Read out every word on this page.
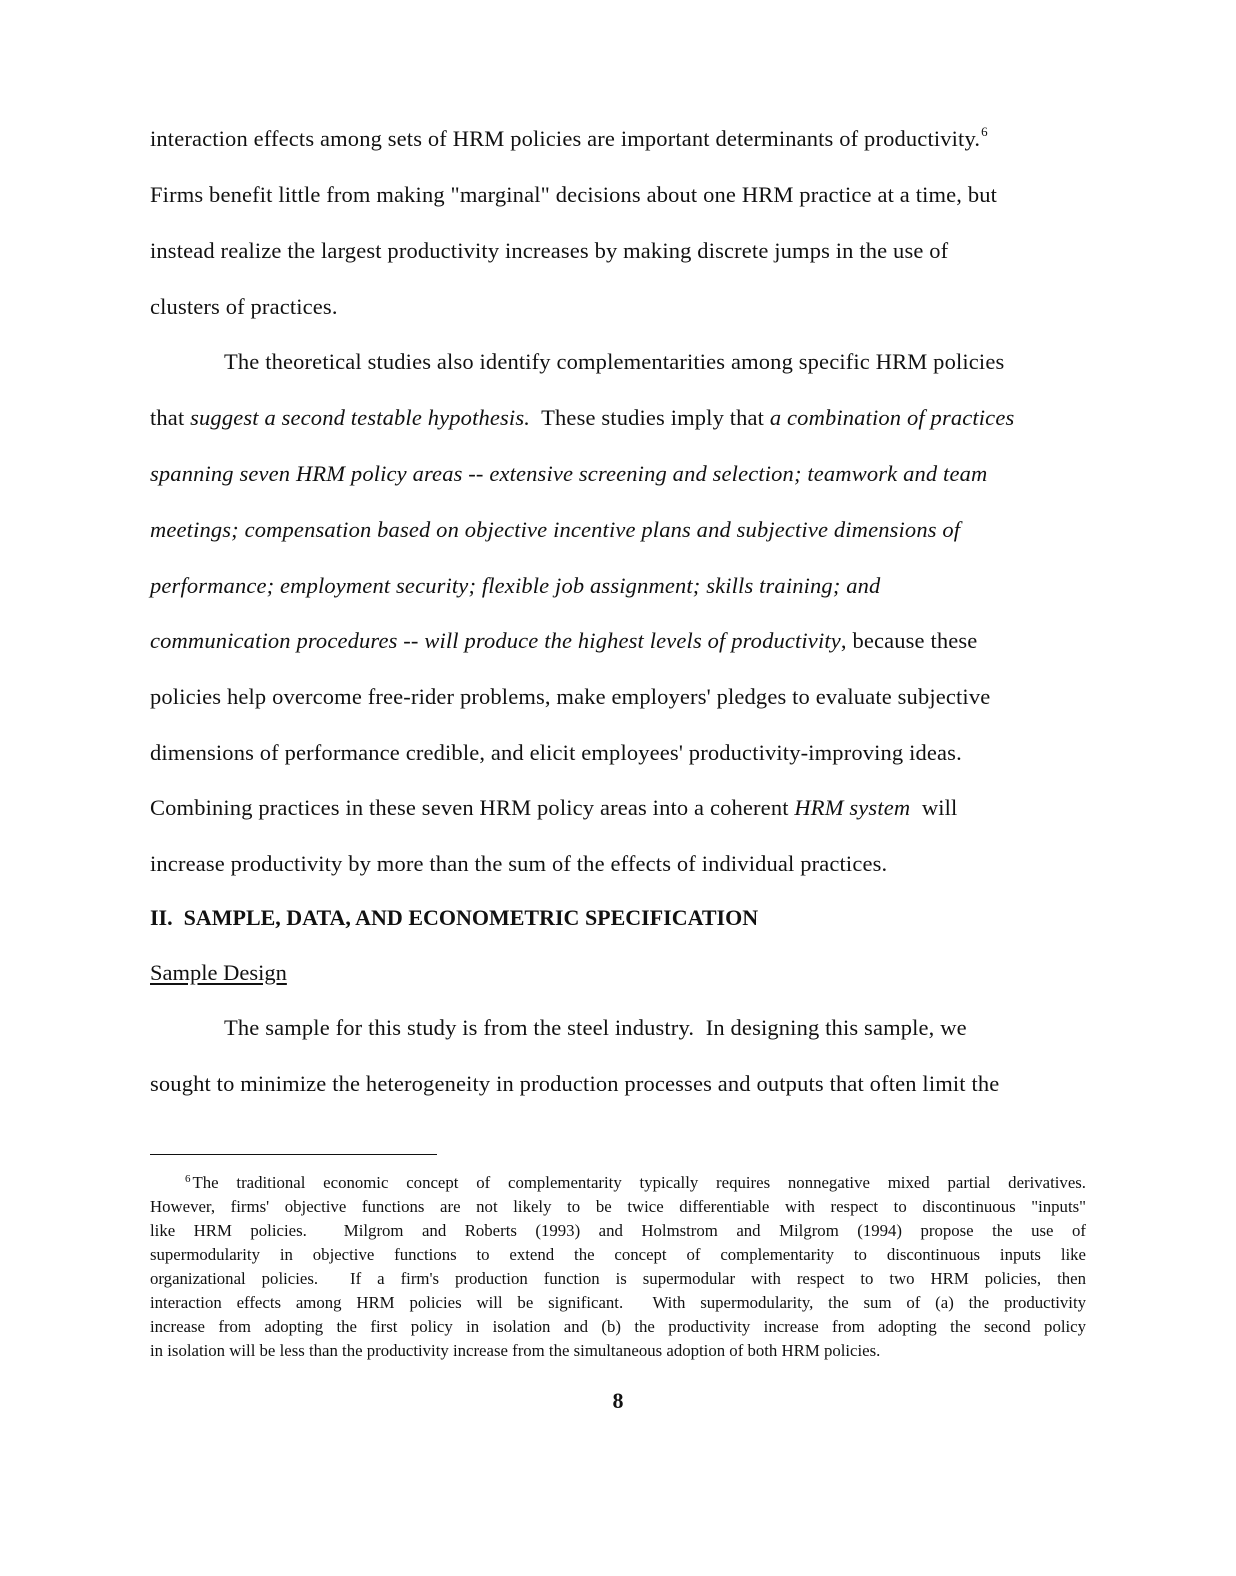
interaction effects among sets of HRM policies are important determinants of productivity.$^6$
Firms benefit little from making "marginal" decisions about one HRM practice at a time, but
instead realize the largest productivity increases by making discrete jumps in the use of
clusters of practices.
The theoretical studies also identify complementarities among specific HRM policies
that suggest a second testable hypothesis.  These studies imply that a combination of practices
spanning seven HRM policy areas -- extensive screening and selection; teamwork and team
meetings; compensation based on objective incentive plans and subjective dimensions of
performance; employment security; flexible job assignment; skills training; and
communication procedures -- will produce the highest levels of productivity, because these
policies help overcome free-rider problems, make employers' pledges to evaluate subjective
dimensions of performance credible, and elicit employees' productivity-improving ideas.
Combining practices in these seven HRM policy areas into a coherent HRM system  will
increase productivity by more than the sum of the effects of individual practices.
II.  SAMPLE, DATA, AND ECONOMETRIC SPECIFICATION
Sample Design
The sample for this study is from the steel industry.  In designing this sample, we
sought to minimize the heterogeneity in production processes and outputs that often limit the
$^6$ The traditional economic concept of complementarity typically requires nonnegative mixed partial derivatives.
However, firms' objective functions are not likely to be twice differentiable with respect to discontinuous "inputs"
like HRM policies.  Milgrom and Roberts (1993) and Holmstrom and Milgrom (1994) propose the use of
supermodularity in objective functions to extend the concept of complementarity to discontinuous inputs like
organizational policies.  If a firm's production function is supermodular with respect to two HRM policies, then
interaction effects among HRM policies will be significant.  With supermodularity, the sum of (a) the productivity
increase from adopting the first policy in isolation and (b) the productivity increase from adopting the second policy
in isolation will be less than the productivity increase from the simultaneous adoption of both HRM policies.
8
